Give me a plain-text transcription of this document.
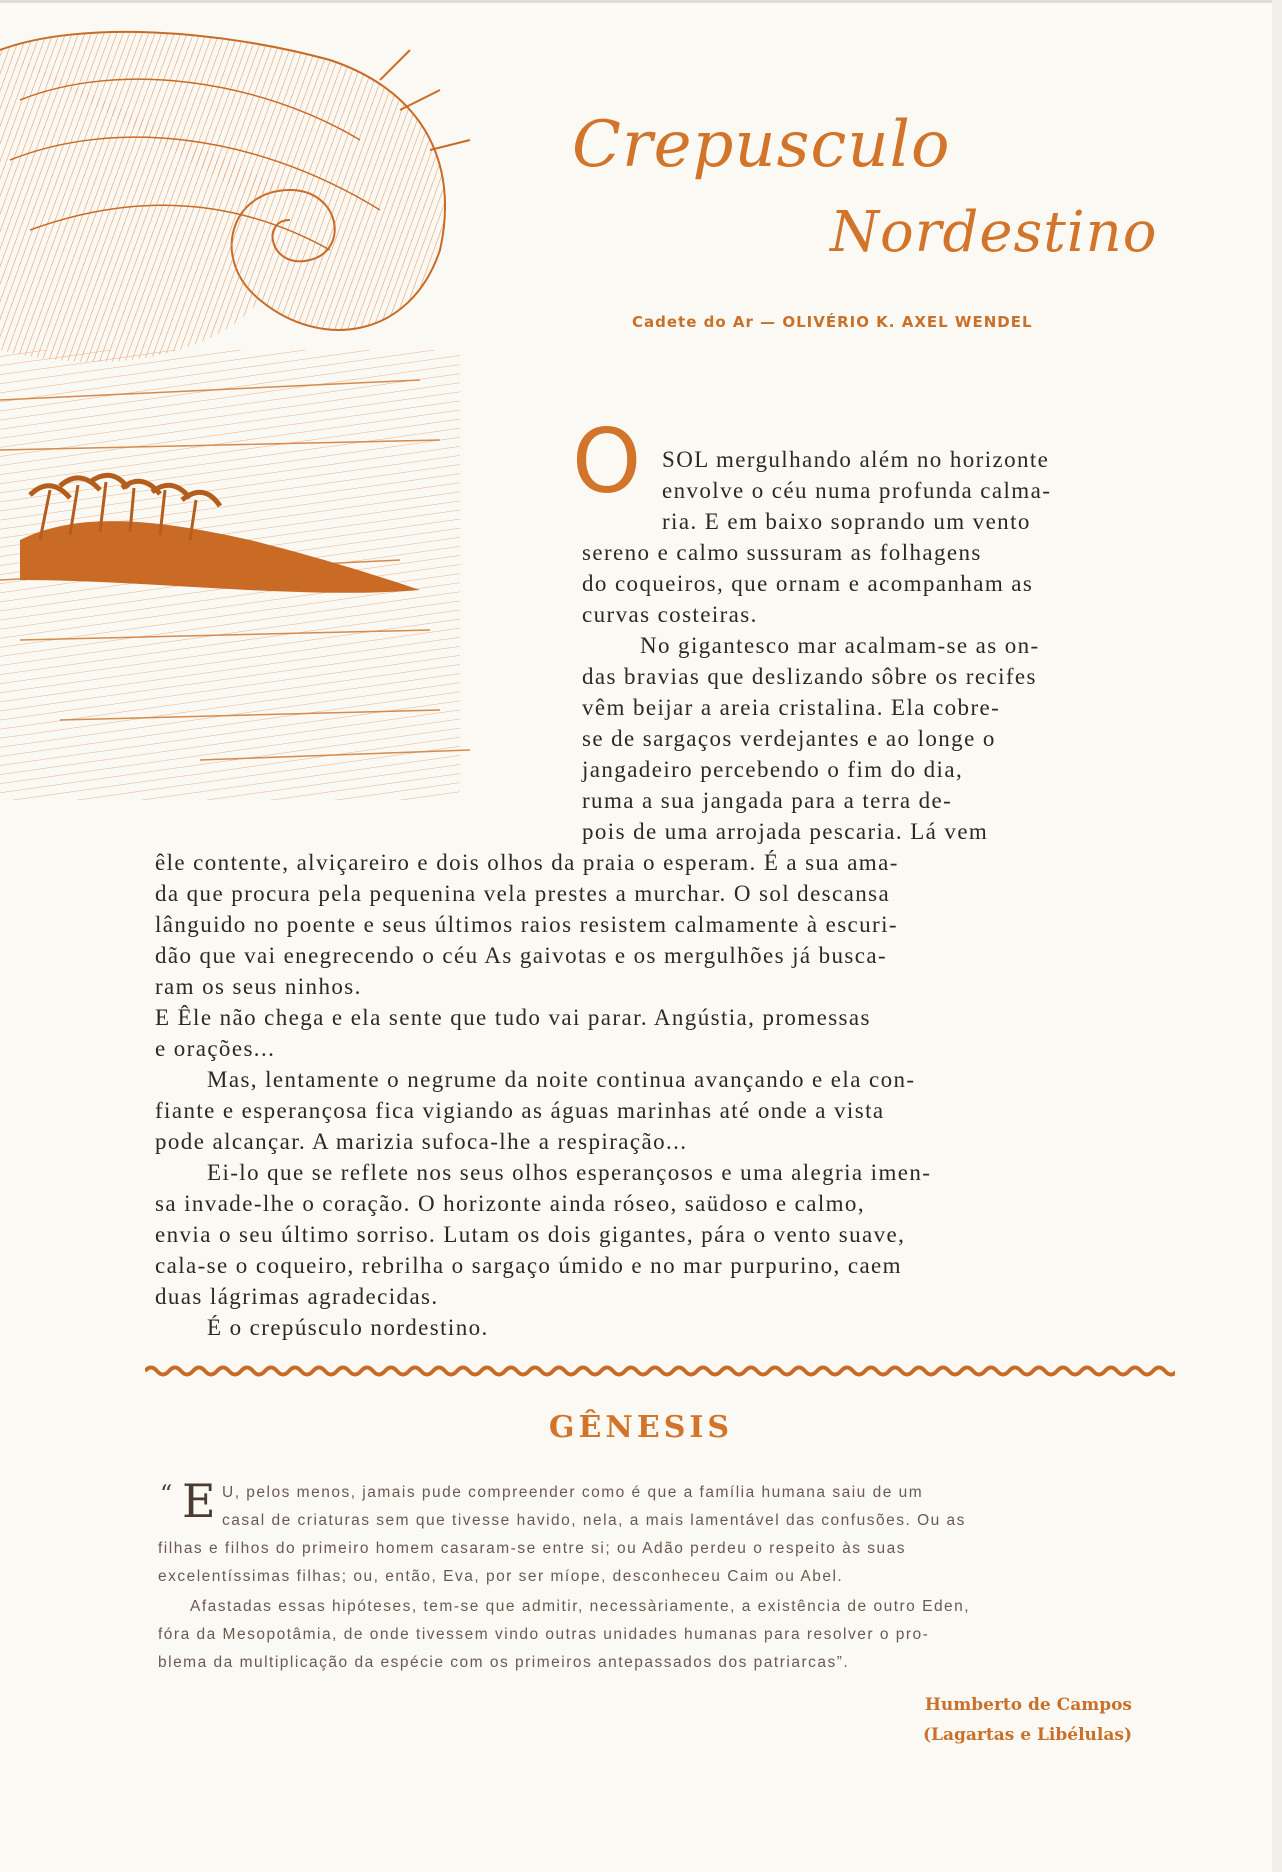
Crepusculo
Nordestino
Cadete do Ar — OLIVÉRIO K. AXEL WENDEL
O SOL mergulhando além no horizonte
envolve o céu numa profunda calma-
ria. E em baixo soprando um vento
sereno e calmo sussuram as folhagens
do coqueiros, que ornam e acompanham as
curvas costeiras.
No gigantesco mar acalmam-se as on-
das bravias que deslizando sôbre os recifes
vêm beijar a areia cristalina. Ela cobre-
se de sargaços verdejantes e ao longe o
jangadeiro percebendo o fim do dia,
ruma a sua jangada para a terra de-
pois de uma arrojada pescaria. Lá vem
êle contente, alviçareiro e dois olhos da praia o esperam. É a sua ama-
da que procura pela pequenina vela prestes a murchar. O sol descansa
lânguido no poente e seus últimos raios resistem calmamente à escuri-
dão que vai enegrecendo o céu As gaivotas e os mergulhões já busca-
ram os seus ninhos.
E Êle não chega e ela sente que tudo vai parar. Angústia, promessas
e orações...
Mas, lentamente o negrume da noite continua avançando e ela con-
fiante e esperançosa fica vigiando as águas marinhas até onde a vista
pode alcançar. A marizia sufoca-lhe a respiração...
Ei-lo que se reflete nos seus olhos esperançosos e uma alegria imen-
sa invade-lhe o coração. O horizonte ainda róseo, saüdoso e calmo,
envia o seu último sorriso. Lutam os dois gigantes, pára o vento suave,
cala-se o coqueiro, rebrilha o sargaço úmido e no mar purpurino, caem
duas lágrimas agradecidas.
É o crepúsculo nordestino.
GÊNESIS
“ E U, pelos menos, jamais pude compreender como é que a família humana saiu de um
casal de criaturas sem que tivesse havido, nela, a mais lamentável das confusões. Ou as
filhas e filhos do primeiro homem casaram-se entre si; ou Adão perdeu o respeito às suas
excelentíssimas filhas; ou, então, Eva, por ser míope, desconheceu Caim ou Abel.
Afastadas essas hipóteses, tem-se que admitir, necessàriamente, a existência de outro Eden,
fóra da Mesopotâmia, de onde tivessem vindo outras unidades humanas para resolver o pro-
blema da multiplicação da espécie com os primeiros antepassados dos patriarcas”.
Humberto de Campos
(Lagartas e Libélulas)
